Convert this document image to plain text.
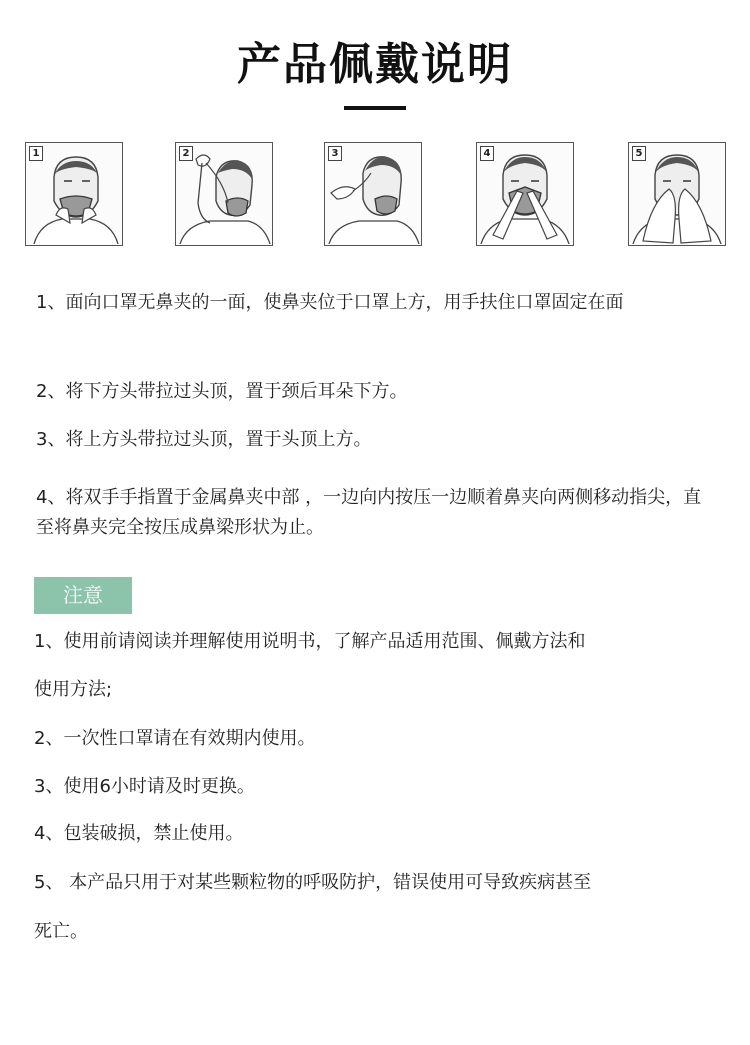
产品佩戴说明
1	2	3	4	5
1、面向口罩无鼻夹的一面，使鼻夹位于口罩上方，用手扶住口罩固定在面
2、将下方头带拉过头顶，置于颈后耳朵下方。
3、将上方头带拉过头顶，置于头顶上方。
4、将双手手指置于金属鼻夹中部 ，一边向内按压一边顺着鼻夹向两侧移动指尖，直至将鼻夹完全按压成鼻梁形状为止。
注意
1、使用前请阅读并理解使用说明书，了解产品适用范围、佩戴方法和
使用方法;
2、一次性口罩请在有效期内使用。
3、使用6小时请及时更换。
4、包装破损，禁止使用。
5、 本产品只用于对某些颗粒物的呼吸防护，错误使用可导致疾病甚至
死亡。
